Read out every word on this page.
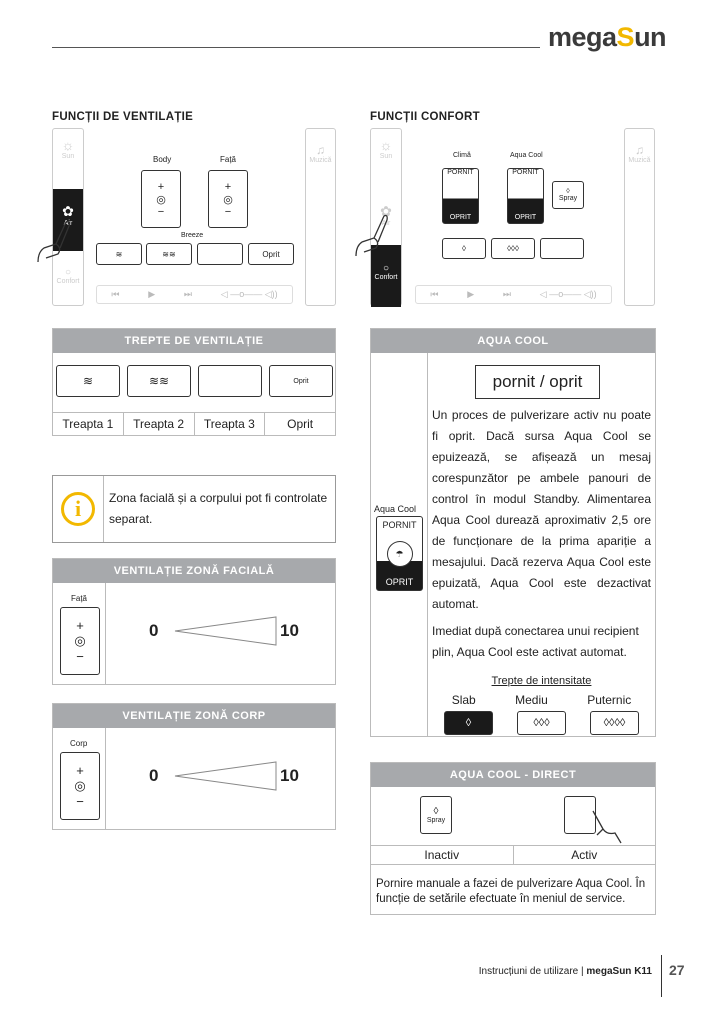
megaSun
FUNCȚII DE VENTILAȚIE
☼
Sun
✿
Air
○
Confort
♫
Muzică
Body	Față
+
◎
−
+
◎
−
Breeze
≋	≋≋	≋≋≋	Oprit
⏮	▶	⏭	◁ —o—— ◁))
FUNCȚII CONFORT
☼
Sun
✿
Air
○
Confort
♫
Muzică
Climă	Aqua Cool
PORNIT
OPRIT
PORNIT
OPRIT
◊
Spray
◊	◊◊◊	◊◊◊◊
⏮	▶	⏭	◁ —o—— ◁))
TREPTE DE VENTILAȚIE
≋	≋≋	≋≋≋	Oprit
Treapta 1	Treapta 2	Treapta 3	Oprit
i	Zona facială și a corpului pot fi controlate separat.

VENTILAȚIE ZONĂ FACIALĂ
Față
+
◎
−
0	10
VENTILAȚIE ZONĂ CORP
Corp
+
◎
−
0	10
AQUA COOL
Aqua Cool
PORNIT
☂
OPRIT
pornit / oprit

Un proces de pulverizare activ nu poate fi oprit. Dacă sursa Aqua Cool se epuizează, se afișează un mesaj corespunzător pe ambele panouri de control în modul Standby. Alimentarea Aqua Cool durează aproximativ 2,5 ore de funcționare de la prima apariție a mesajului. Dacă rezerva Aqua Cool este epuizată, Aqua Cool este dezactivat automat.

Imediat după conectarea unui recipient plin, Aqua Cool este activat automat.

Trepte de intensitate
Slab	Mediu	Puternic
◊	◊◊◊	◊◊◊◊
AQUA COOL - DIRECT
◊
Spray
◊
Spray
Inactiv	Activ

Pornire manuale a fazei de pulverizare Aqua Cool. În funcție de setările efectuate în meniul de service.

Instrucțiuni de utilizare | megaSun K11 27
